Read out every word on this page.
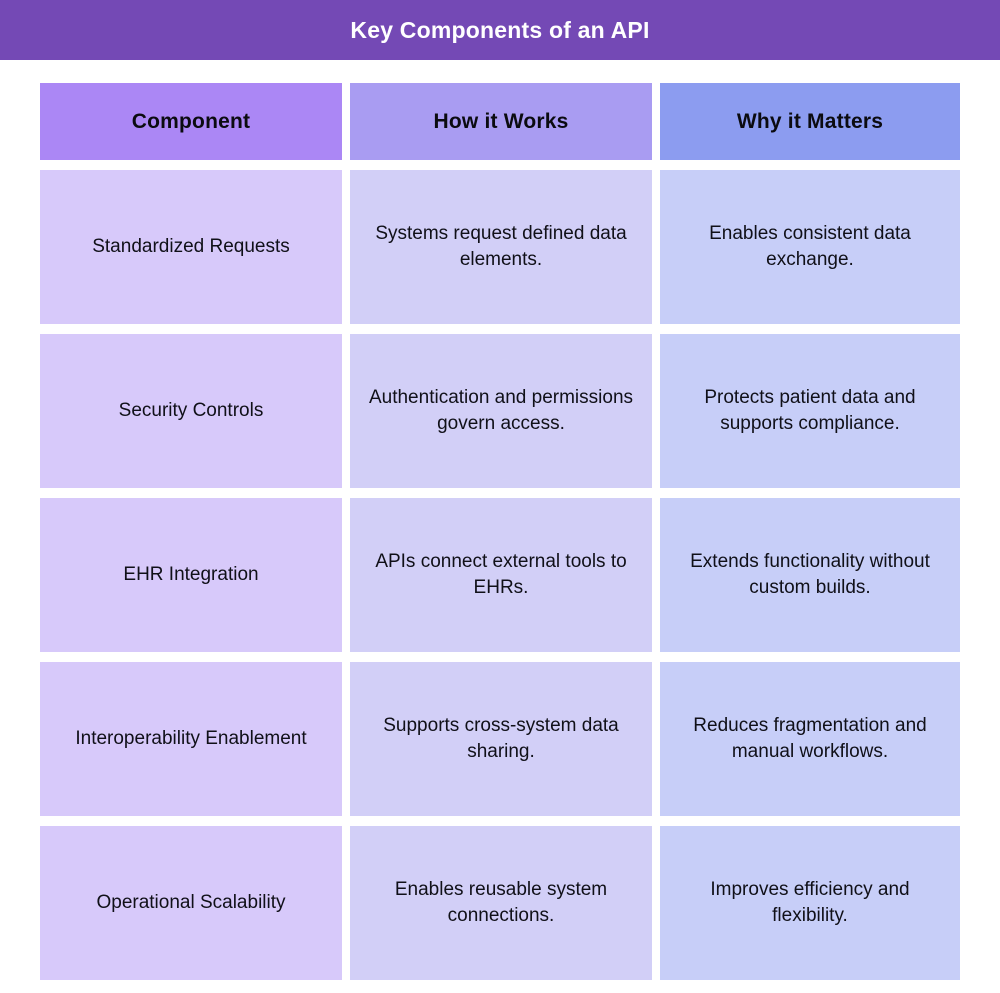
Key Components of an API
Component	How it Works	Why it Matters
Standardized Requests
Systems request defined data elements.
Enables consistent data exchange.
Security Controls
Authentication and permissions govern access.
Protects patient data and supports compliance.
EHR Integration
APIs connect external tools to EHRs.
Extends functionality without custom builds.
Interoperability Enablement
Supports cross-system data sharing.
Reduces fragmentation and manual workflows.
Operational Scalability
Enables reusable system connections.
Improves efficiency and flexibility.
